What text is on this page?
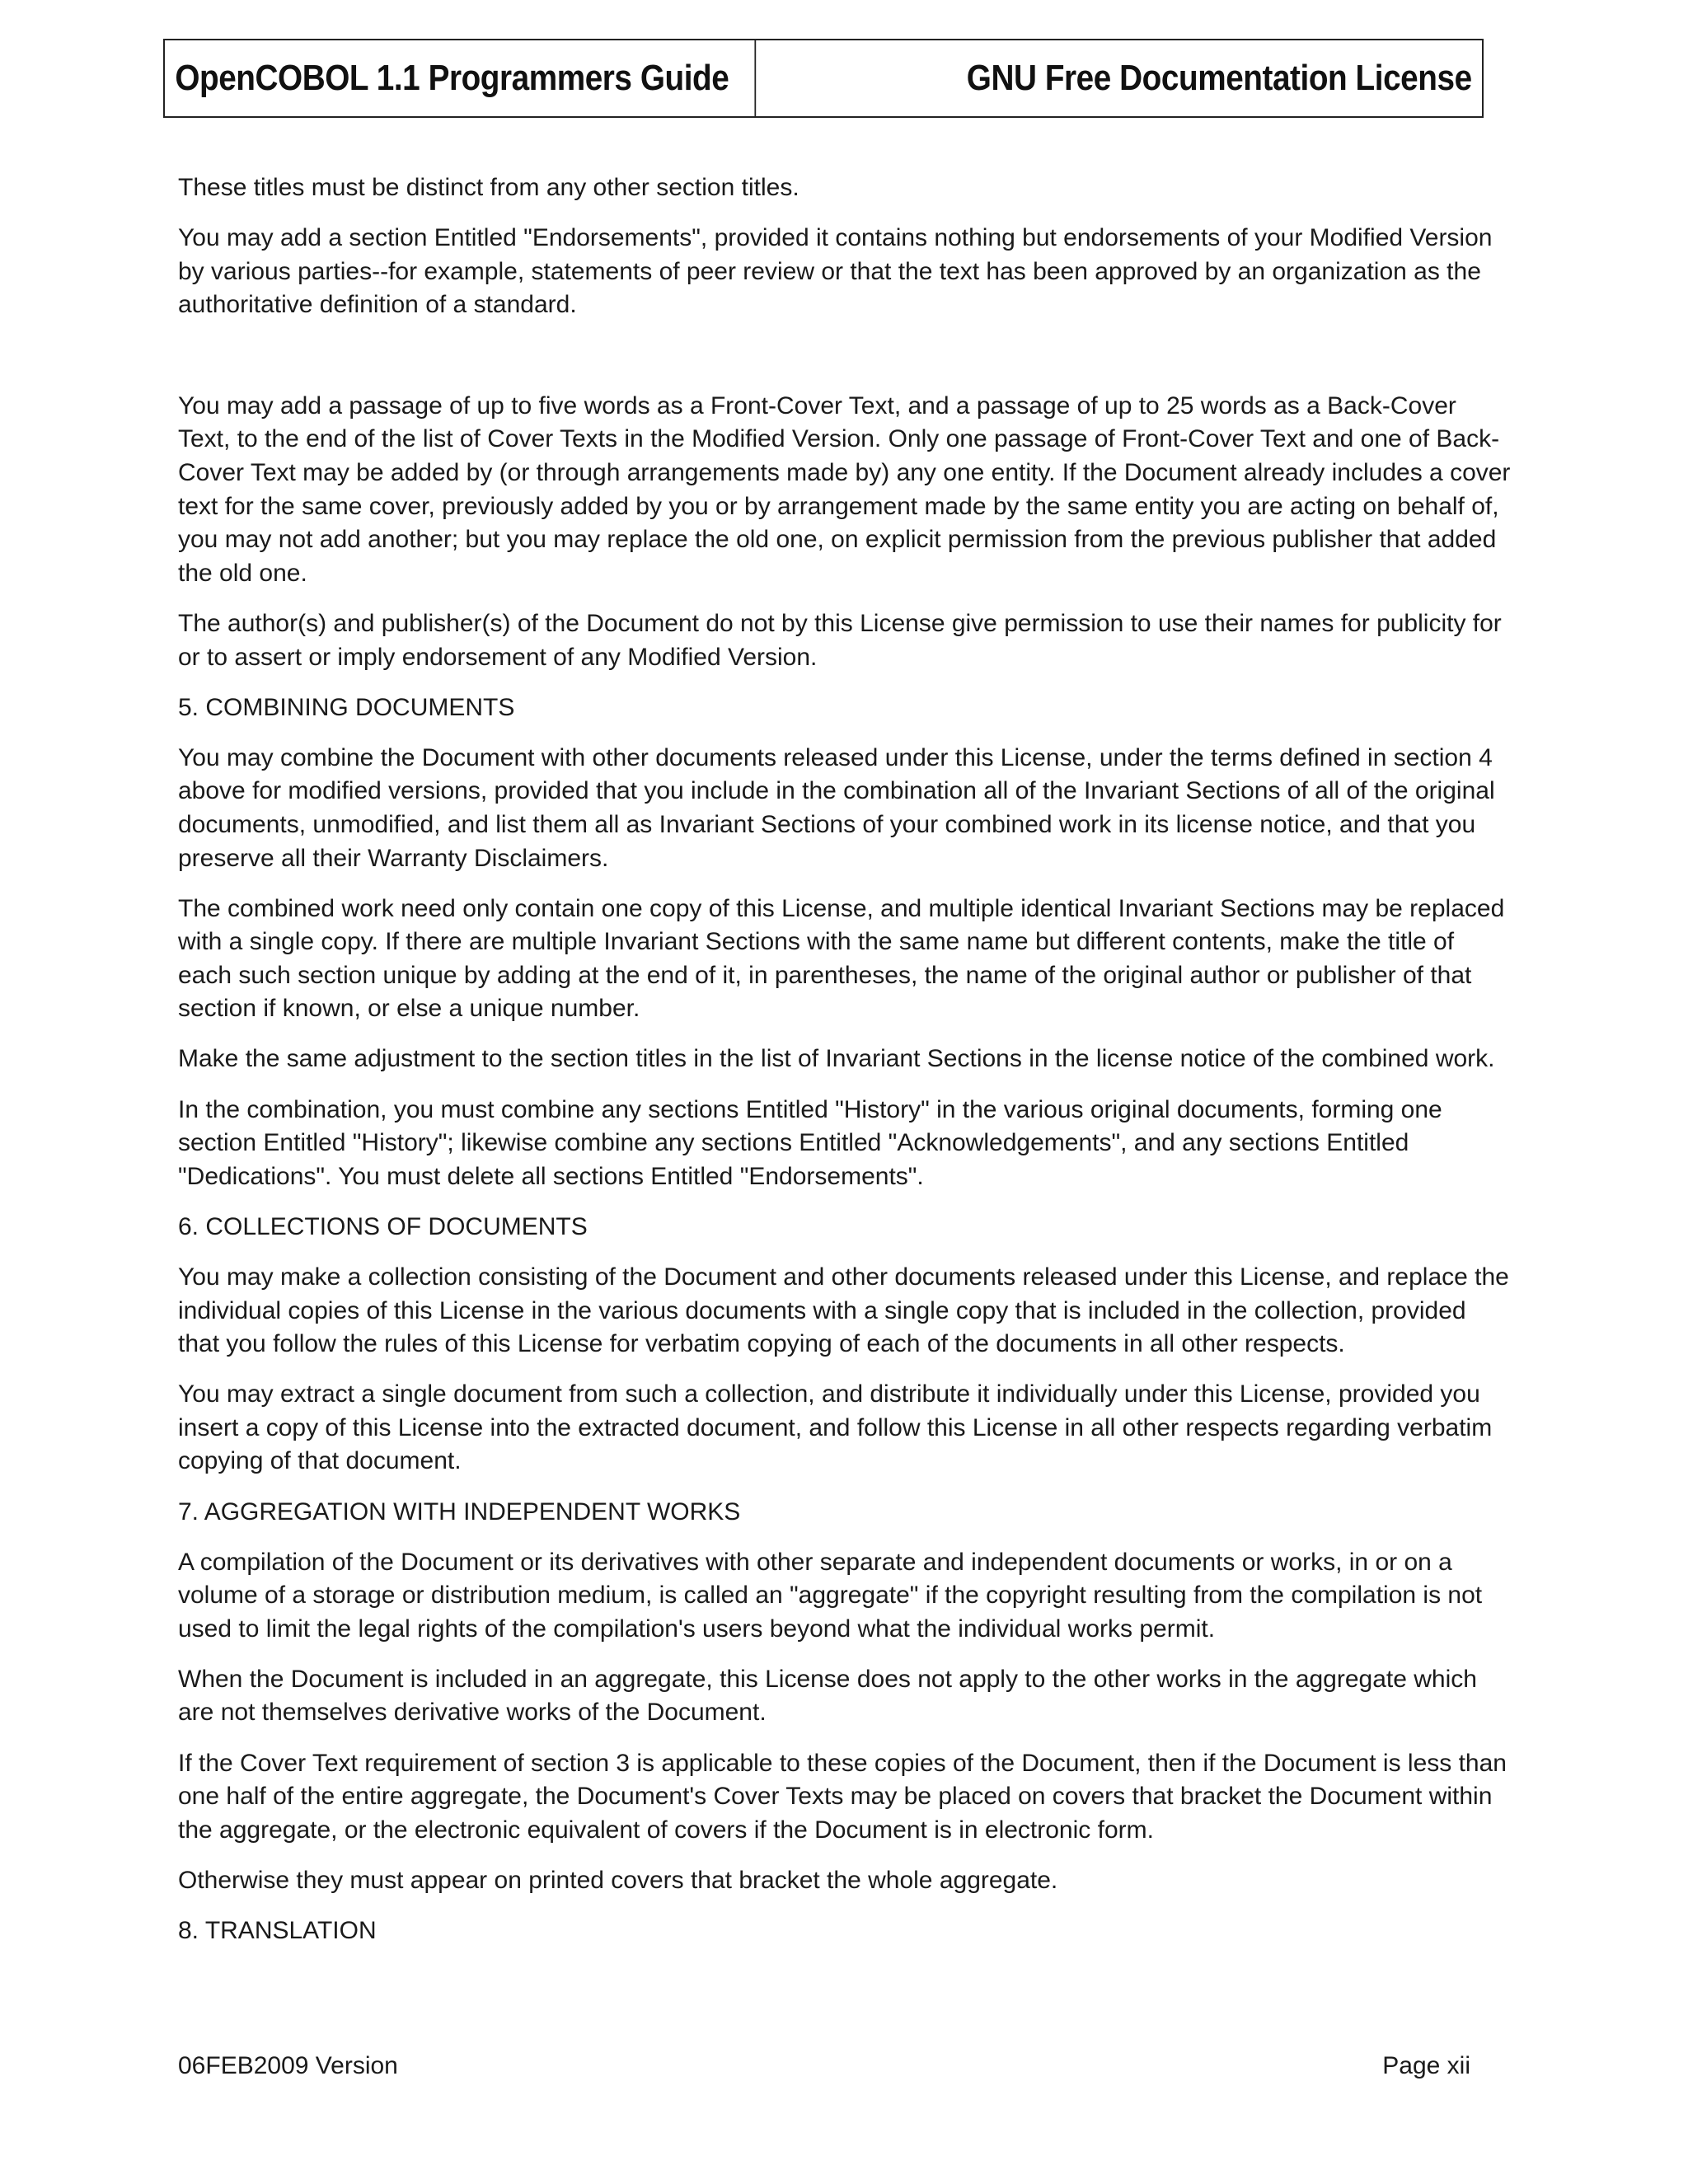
OpenCOBOL 1.1 Programmers Guide	GNU Free Documentation License

These titles must be distinct from any other section titles.

You may add a section Entitled "Endorsements", provided it contains nothing but endorsements of your Modified Version by various parties--for example, statements of peer review or that the text has been approved by an organization as the authoritative definition of a standard.

You may add a passage of up to five words as a Front-Cover Text, and a passage of up to 25 words as a Back-Cover Text, to the end of the list of Cover Texts in the Modified Version. Only one passage of Front-Cover Text and one of Back-Cover Text may be added by (or through arrangements made by) any one entity. If the Document already includes a cover text for the same cover, previously added by you or by arrangement made by the same entity you are acting on behalf of, you may not add another; but you may replace the old one, on explicit permission from the previous publisher that added the old one.

The author(s) and publisher(s) of the Document do not by this License give permission to use their names for publicity for or to assert or imply endorsement of any Modified Version.

5. COMBINING DOCUMENTS

You may combine the Document with other documents released under this License, under the terms defined in section 4 above for modified versions, provided that you include in the combination all of the Invariant Sections of all of the original documents, unmodified, and list them all as Invariant Sections of your combined work in its license notice, and that you preserve all their Warranty Disclaimers.

The combined work need only contain one copy of this License, and multiple identical Invariant Sections may be replaced with a single copy. If there are multiple Invariant Sections with the same name but different contents, make the title of each such section unique by adding at the end of it, in parentheses, the name of the original author or publisher of that section if known, or else a unique number.

Make the same adjustment to the section titles in the list of Invariant Sections in the license notice of the combined work.

In the combination, you must combine any sections Entitled "History" in the various original documents, forming one section Entitled "History"; likewise combine any sections Entitled "Acknowledgements", and any sections Entitled "Dedications". You must delete all sections Entitled "Endorsements".

6. COLLECTIONS OF DOCUMENTS

You may make a collection consisting of the Document and other documents released under this License, and replace the individual copies of this License in the various documents with a single copy that is included in the collection, provided that you follow the rules of this License for verbatim copying of each of the documents in all other respects.

You may extract a single document from such a collection, and distribute it individually under this License, provided you insert a copy of this License into the extracted document, and follow this License in all other respects regarding verbatim copying of that document.

7. AGGREGATION WITH INDEPENDENT WORKS

A compilation of the Document or its derivatives with other separate and independent documents or works, in or on a volume of a storage or distribution medium, is called an "aggregate" if the copyright resulting from the compilation is not used to limit the legal rights of the compilation's users beyond what the individual works permit.

When the Document is included in an aggregate, this License does not apply to the other works in the aggregate which are not themselves derivative works of the Document.

If the Cover Text requirement of section 3 is applicable to these copies of the Document, then if the Document is less than one half of the entire aggregate, the Document's Cover Texts may be placed on covers that bracket the Document within the aggregate, or the electronic equivalent of covers if the Document is in electronic form.

Otherwise they must appear on printed covers that bracket the whole aggregate.

8. TRANSLATION

06FEB2009 Version	Page xii
